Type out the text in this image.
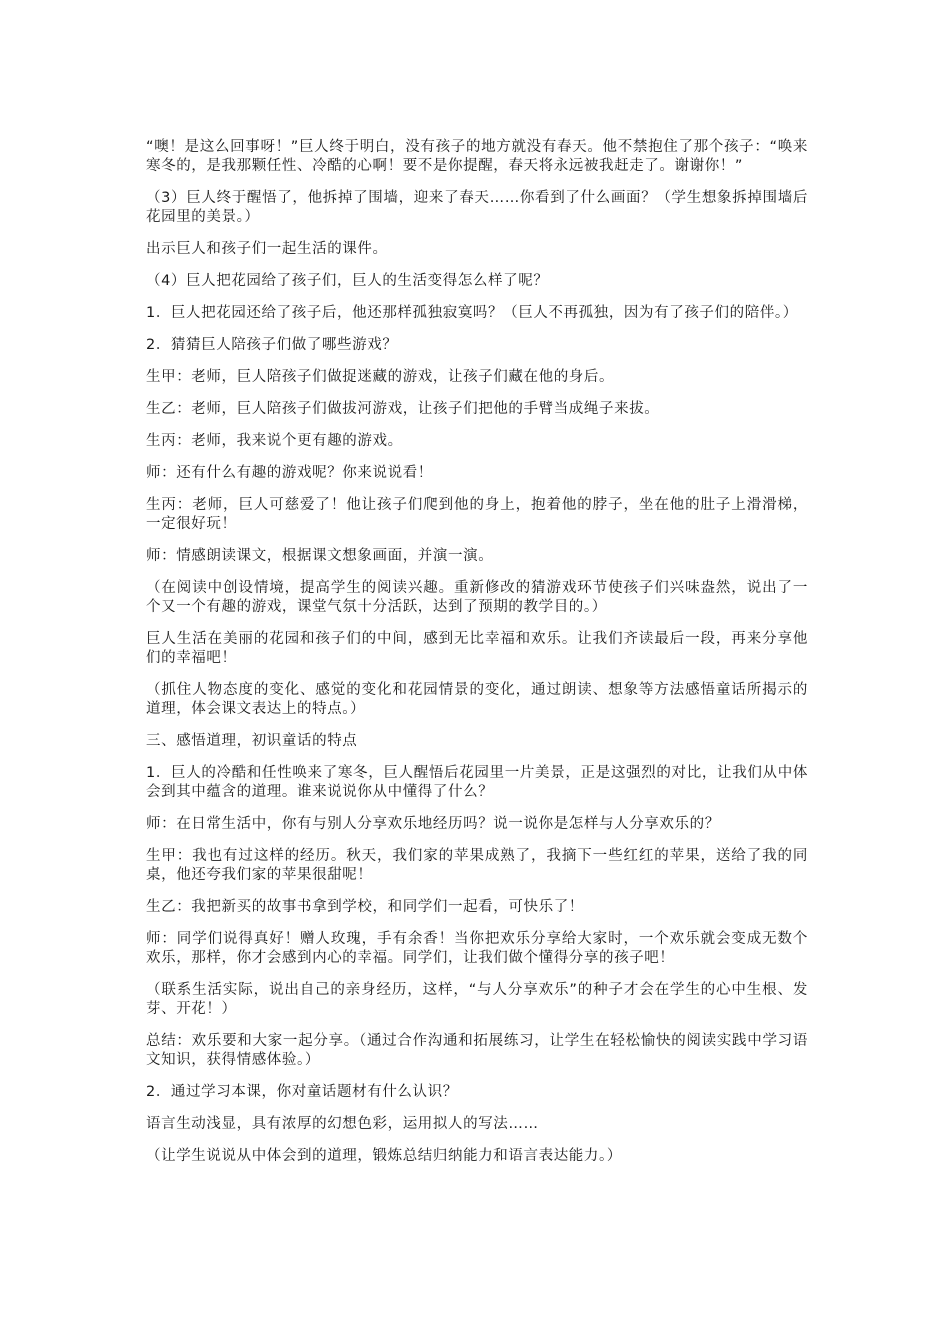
“噢！是这么回事呀！”巨人终于明白，没有孩子的地方就没有春天。他不禁抱住了那个孩子：“唤来寒冬的，是我那颗任性、冷酷的心啊！要不是你提醒，春天将永远被我赶走了。谢谢你！”

（3）巨人终于醒悟了，他拆掉了围墙，迎来了春天……你看到了什么画面？（学生想象拆掉围墙后花园里的美景。）

出示巨人和孩子们一起生活的课件。

（4）巨人把花园给了孩子们，巨人的生活变得怎么样了呢？

1．巨人把花园还给了孩子后，他还那样孤独寂寞吗？（巨人不再孤独，因为有了孩子们的陪伴。）

2．猜猜巨人陪孩子们做了哪些游戏？

生甲：老师，巨人陪孩子们做捉迷藏的游戏，让孩子们藏在他的身后。

生乙：老师，巨人陪孩子们做拔河游戏，让孩子们把他的手臂当成绳子来拔。

生丙：老师，我来说个更有趣的游戏。

师：还有什么有趣的游戏呢？你来说说看！

生丙：老师，巨人可慈爱了！他让孩子们爬到他的身上，抱着他的脖子，坐在他的肚子上滑滑梯，一定很好玩！

师：情感朗读课文，根据课文想象画面，并演一演。

（在阅读中创设情境，提高学生的阅读兴趣。重新修改的猜游戏环节使孩子们兴味盎然，说出了一个又一个有趣的游戏，课堂气氛十分活跃，达到了预期的教学目的。）

巨人生活在美丽的花园和孩子们的中间，感到无比幸福和欢乐。让我们齐读最后一段，再来分享他们的幸福吧！

（抓住人物态度的变化、感觉的变化和花园情景的变化，通过朗读、想象等方法感悟童话所揭示的道理，体会课文表达上的特点。）

三、感悟道理，初识童话的特点

1．巨人的冷酷和任性唤来了寒冬，巨人醒悟后花园里一片美景，正是这强烈的对比，让我们从中体会到其中蕴含的道理。谁来说说你从中懂得了什么？

师：在日常生活中，你有与别人分享欢乐地经历吗？说一说你是怎样与人分享欢乐的？

生甲：我也有过这样的经历。秋天，我们家的苹果成熟了，我摘下一些红红的苹果，送给了我的同桌，他还夸我们家的苹果很甜呢！

生乙：我把新买的故事书拿到学校，和同学们一起看，可快乐了！

师：同学们说得真好！赠人玫瑰，手有余香！当你把欢乐分享给大家时，一个欢乐就会变成无数个欢乐，那样，你才会感到内心的幸福。同学们，让我们做个懂得分享的孩子吧！

（联系生活实际，说出自己的亲身经历，这样，“与人分享欢乐”的种子才会在学生的心中生根、发芽、开花！）

总结：欢乐要和大家一起分享。（通过合作沟通和拓展练习，让学生在轻松愉快的阅读实践中学习语文知识，获得情感体验。）

2．通过学习本课，你对童话题材有什么认识？

语言生动浅显，具有浓厚的幻想色彩，运用拟人的写法……

（让学生说说从中体会到的道理，锻炼总结归纳能力和语言表达能力。）
